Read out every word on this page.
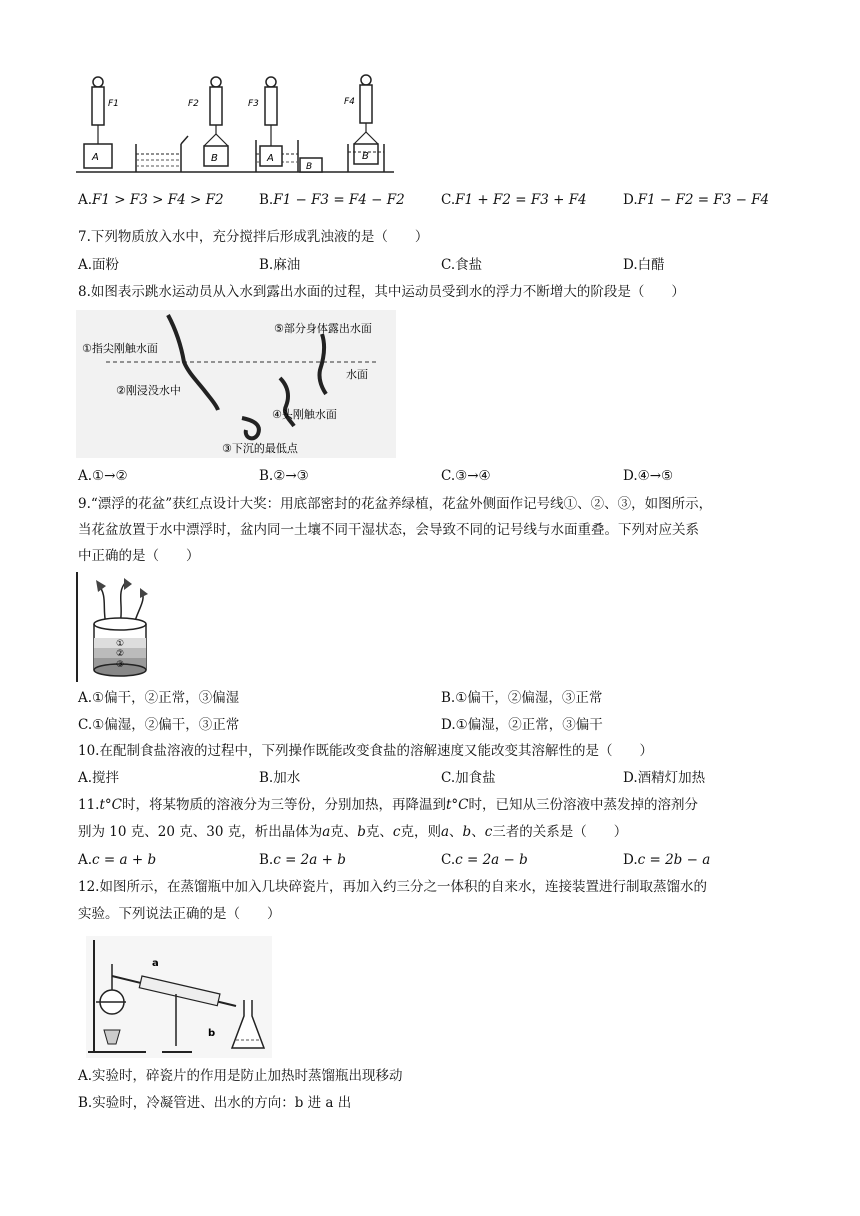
F1
A
F2
B
F3
A
B
F4
B
A.F1 > F3 > F4 > F2	B.F1 − F3 = F4 − F2	C.F1 + F2 = F3 + F4	D.F1 − F2 = F3 − F4
7.下列物质放入水中，充分搅拌后形成乳浊液的是（　　）
A.面粉	B.麻油	C.食盐	D.白醋
8.如图表示跳水运动员从入水到露出水面的过程，其中运动员受到水的浮力不断增大的阶段是（　　）
①指尖刚触水面
②刚浸没水中
③下沉的最低点
④头刚触水面
⑤部分身体露出水面
水面
A.①→②	B.②→③	C.③→④	D.④→⑤
9.“漂浮的花盆”获红点设计大奖：用底部密封的花盆养绿植，花盆外侧面作记号线①、②、③，如图所示，
当花盆放置于水中漂浮时，盆内同一土壤不同干湿状态，会导致不同的记号线与水面重叠。下列对应关系
中正确的是（　　）
①
②
③
A.①偏干，②正常，③偏湿	B.①偏干，②偏湿，③正常
C.①偏湿，②偏干，③正常	D.①偏湿，②正常，③偏干
10.在配制食盐溶液的过程中，下列操作既能改变食盐的溶解速度又能改变其溶解性的是（　　）
A.搅拌	B.加水	C.加食盐	D.酒精灯加热
11.t°C时，将某物质的溶液分为三等份，分别加热，再降温到t°C时，已知从三份溶液中蒸发掉的溶剂分
别为 10 克、20 克、30 克，析出晶体为a克、b克、c克，则a、b、c三者的关系是（　　）
A.c = a + b	B.c = 2a + b	C.c = 2a − b	D.c = 2b − a
12.如图所示，在蒸馏瓶中加入几块碎瓷片，再加入约三分之一体积的自来水，连接装置进行制取蒸馏水的
实验。下列说法正确的是（　　）
a
b
A.实验时，碎瓷片的作用是防止加热时蒸馏瓶出现移动
B.实验时，冷凝管进、出水的方向：b 进 a 出
